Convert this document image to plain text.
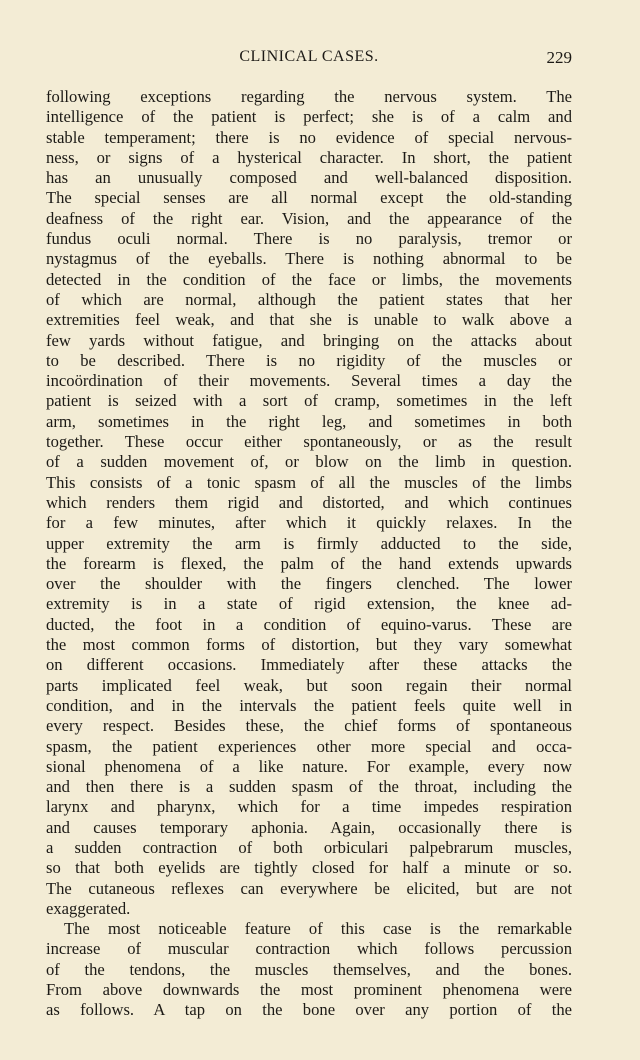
CLINICAL CASES.	229
following exceptions regarding the nervous system. The
intelligence of the patient is perfect; she is of a calm and
stable temperament; there is no evidence of special nervous-
ness, or signs of a hysterical character. In short, the patient
has an unusually composed and well-balanced disposition.
The special senses are all normal except the old-standing
deafness of the right ear. Vision, and the appearance of the
fundus oculi normal. There is no paralysis, tremor or
nystagmus of the eyeballs. There is nothing abnormal to be
detected in the condition of the face or limbs, the movements
of which are normal, although the patient states that her
extremities feel weak, and that she is unable to walk above a
few yards without fatigue, and bringing on the attacks about
to be described. There is no rigidity of the muscles or
incoördination of their movements. Several times a day the
patient is seized with a sort of cramp, sometimes in the left
arm, sometimes in the right leg, and sometimes in both
together. These occur either spontaneously, or as the result
of a sudden movement of, or blow on the limb in question.
This consists of a tonic spasm of all the muscles of the limbs
which renders them rigid and distorted, and which continues
for a few minutes, after which it quickly relaxes. In the
upper extremity the arm is firmly adducted to the side,
the forearm is flexed, the palm of the hand extends upwards
over the shoulder with the fingers clenched. The lower
extremity is in a state of rigid extension, the knee ad-
ducted, the foot in a condition of equino-varus. These are
the most common forms of distortion, but they vary somewhat
on different occasions. Immediately after these attacks the
parts implicated feel weak, but soon regain their normal
condition, and in the intervals the patient feels quite well in
every respect. Besides these, the chief forms of spontaneous
spasm, the patient experiences other more special and occa-
sional phenomena of a like nature. For example, every now
and then there is a sudden spasm of the throat, including the
larynx and pharynx, which for a time impedes respiration
and causes temporary aphonia. Again, occasionally there is
a sudden contraction of both orbiculari palpebrarum muscles,
so that both eyelids are tightly closed for half a minute or so.
The cutaneous reflexes can everywhere be elicited, but are not
exaggerated.
The most noticeable feature of this case is the remarkable
increase of muscular contraction which follows percussion
of the tendons, the muscles themselves, and the bones.
From above downwards the most prominent phenomena were
as follows. A tap on the bone over any portion of the
